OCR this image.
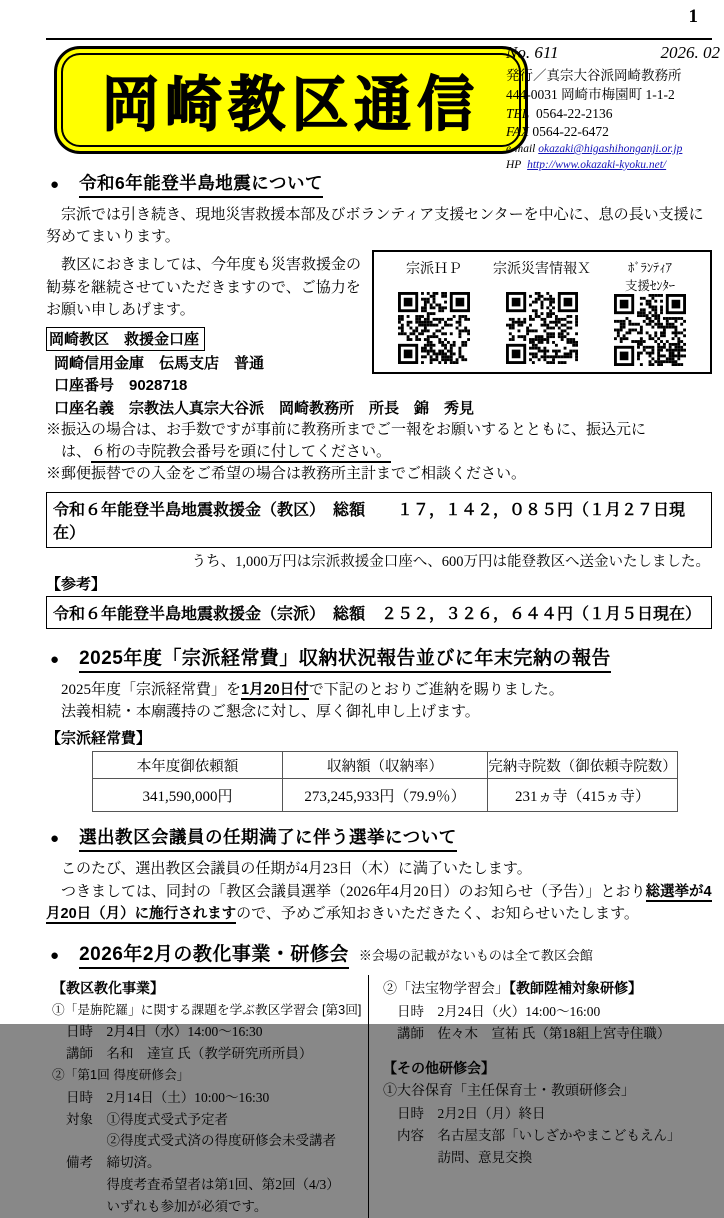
1
岡崎教区通信
No. 611	2026. 02
発行／真宗大谷派岡崎教務所
444-0031 岡崎市梅園町 1-1-2
TEL 0564-22-2136
FAX 0564-22-6472
e-mail okazaki@higashihonganji.or.jp
HP http://www.okazaki-kyoku.net/
● 令和6年能登半島地震について
　宗派では引き続き、現地災害救援本部及びボランティア支援センターを中心に、息の長い支援に努めてまいります。
　教区におきましては、今年度も災害救援金の勧募を継続させていただきますので、ご協力をお願い申しあげます。
岡崎教区　救援金口座
岡崎信用金庫　伝馬支店　普通
口座番号　9028718
宗派ＨＰ 宗派災害情報Ｘ	ﾎﾞﾗﾝﾃｨｱ
支援ｾﾝﾀｰ
口座名義　宗教法人真宗大谷派　岡崎教務所　所長　錦　秀見
※振込の場合は、お手数ですが事前に教務所までご一報をお願いするとともに、振込元に
　は、６桁の寺院教会番号を頭に付してください。
※郵便振替での入金をご希望の場合は教務所主計までご相談ください。
令和６年能登半島地震救援金（教区）　総額　　１７，１４２，０８５円（１月２７日現在）
うち、1,000万円は宗派救援金口座へ、600万円は能登教区へ送金いたしました。
【参考】
令和６年能登半島地震救援金（宗派）　総額　２５２，３２６，６４４円（１月５日現在）
● 2025年度「宗派経常費」収納状況報告並びに年末完納の報告
　2025年度「宗派経常費」を1月20日付で下記のとおりご進納を賜りました。
　法義相続・本廟護持のご懇念に対し、厚く御礼申し上げます。
【宗派経常費】
本年度御依頼額	収納額（収納率）	完納寺院数（御依頼寺院数）
341,590,000円	273,245,933円（79.9％）	231ヵ寺（415ヵ寺）
● 選出教区会議員の任期満了に伴う選挙について
　このたび、選出教区会議員の任期が4月23日（木）に満了いたします。
　つきましては、同封の「教区会議員選挙（2026年4月20日）のお知らせ（予告）」とおり総選挙が4月20日（月）に施行されますので、予めご承知おきいただきたく、お知らせいたします。
● 2026年2月の教化事業・研修会 ※会場の記載がないものは全て教区会館
【教区教化事業】
①「是旃陀羅」に関する課題を学ぶ教区学習会 [第3回]
日時　2月4日（水）14:00～16:30
講師　名和　達宣 氏（教学研究所所員）
②「第1回 得度研修会」
日時　2月14日（土）10:00～16:30
対象　①得度式受式予定者
　　　②得度式受式済の得度研修会未受講者
備考　締切済。
　　　得度考査希望者は第1回、第2回（4/3）
　　　いずれも参加が必須です。
②「法宝物学習会」【教師陞補対象研修】
日時　2月24日（火）14:00～16:00
講師　佐々木　宣祐 氏（第18組上宮寺住職）
【その他研修会】
①大谷保育「主任保育士・教頭研修会」
日時　2月2日（月）終日
内容　名古屋支部「いしざかやまこどもえん」
　　　訪問、意見交換
